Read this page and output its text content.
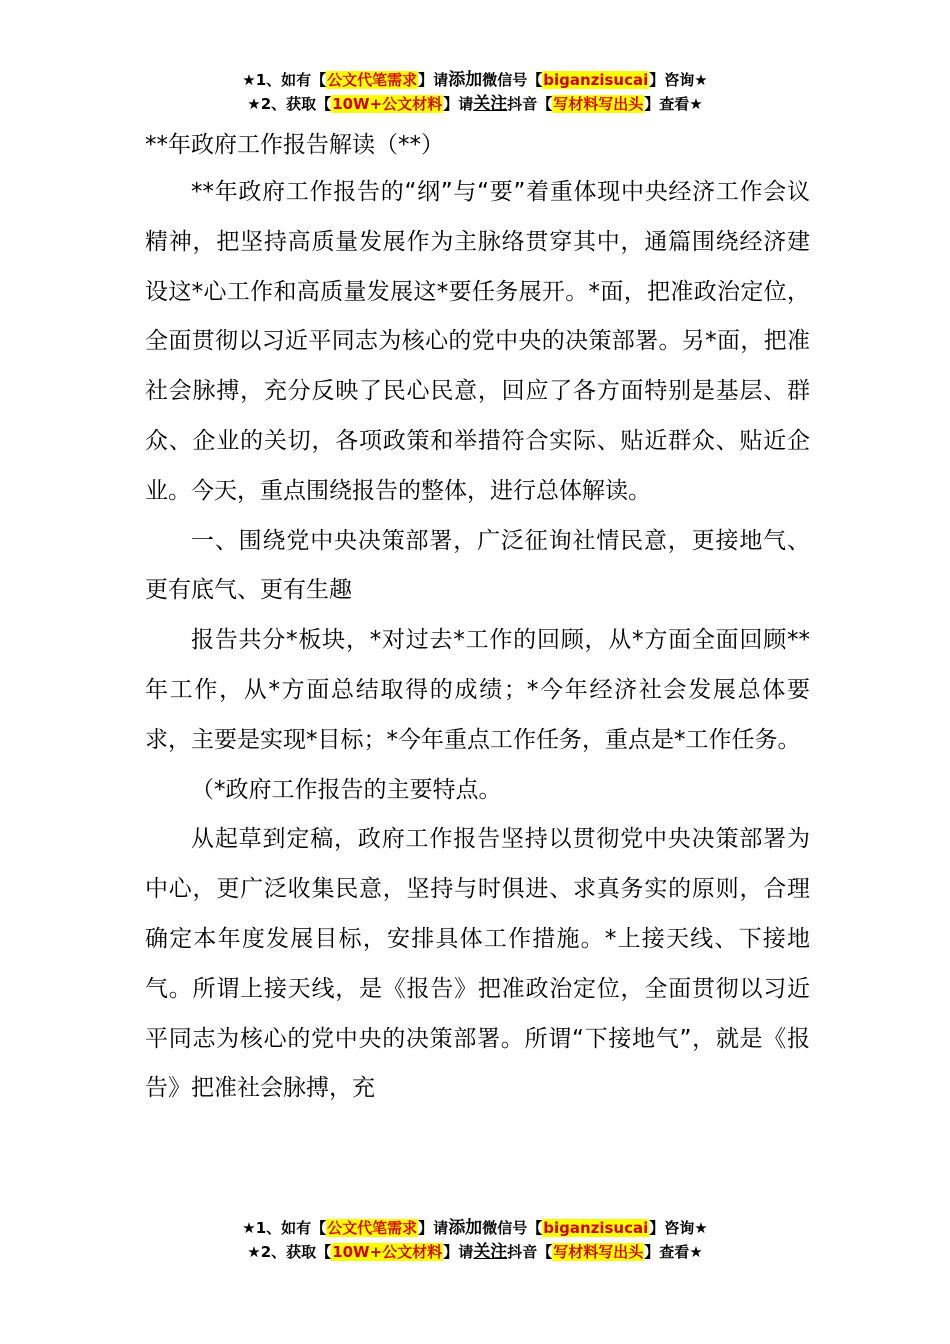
★1、如有【公文代笔需求】请添加微信号【biganzisucai】咨询★
★2、获取【10W+公文材料】请关注抖音【写材料写出头】查看★
**年政府工作报告解读（**）

**年政府工作报告的“纲”与“要”着重体现中央经济工作会议精神，把坚持高质量发展作为主脉络贯穿其中，通篇围绕经济建设这*心工作和高质量发展这*要任务展开。*面，把准政治定位，全面贯彻以习近平同志为核心的党中央的决策部署。另*面，把准社会脉搏，充分反映了民心民意，回应了各方面特别是基层、群众、企业的关切，各项政策和举措符合实际、贴近群众、贴近企业。今天，重点围绕报告的整体，进行总体解读。

一、围绕党中央决策部署，广泛征询社情民意，更接地气、更有底气、更有生趣

报告共分*板块，*对过去*工作的回顾，从*方面全面回顾**年工作，从*方面总结取得的成绩；*今年经济社会发展总体要求，主要是实现*目标；*今年重点工作任务，重点是*工作任务。

（*政府工作报告的主要特点。

从起草到定稿，政府工作报告坚持以贯彻党中央决策部署为中心，更广泛收集民意，坚持与时俱进、求真务实的原则，合理确定本年度发展目标，安排具体工作措施。*上接天线、下接地气。所谓上接天线，是《报告》把准政治定位，全面贯彻以习近平同志为核心的党中央的决策部署。所谓“下接地气”，就是《报告》把准社会脉搏，充

★1、如有【公文代笔需求】请添加微信号【biganzisucai】咨询★
★2、获取【10W+公文材料】请关注抖音【写材料写出头】查看★
